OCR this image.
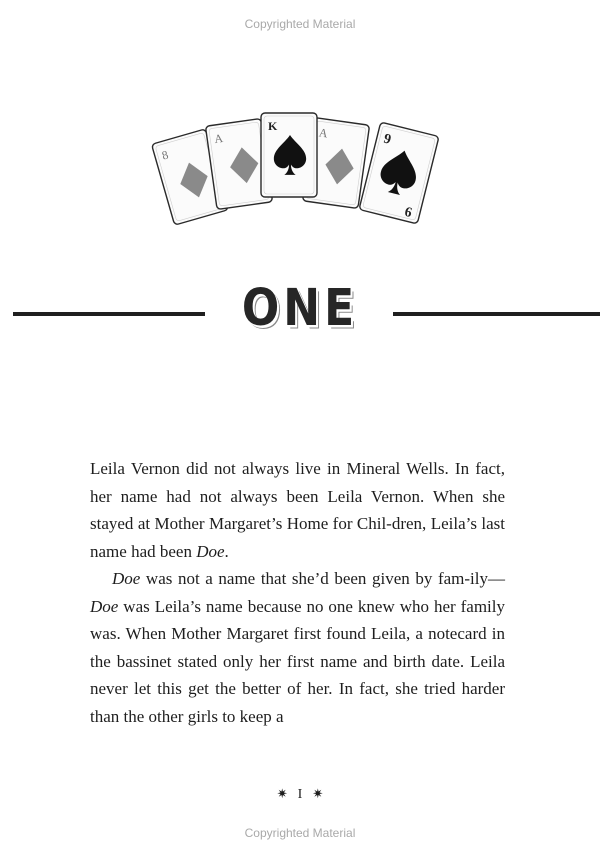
Copyrighted Material
8
A	A
K
9
6
ONE

Leila Vernon did not always live in Mineral Wells. In fact, her name had not always been Leila Vernon. When she stayed at Mother Margaret’s Home for Chil-dren, Leila’s last name had been Doe.

Doe was not a name that she’d been given by fam-ily—Doe was Leila’s name because no one knew who her family was. When Mother Margaret first found Leila, a notecard in the bassinet stated only her first name and birth date. Leila never let this get the better of her. In fact, she tried harder than the other girls to keep a

✷ I ✷
Copyrighted Material
